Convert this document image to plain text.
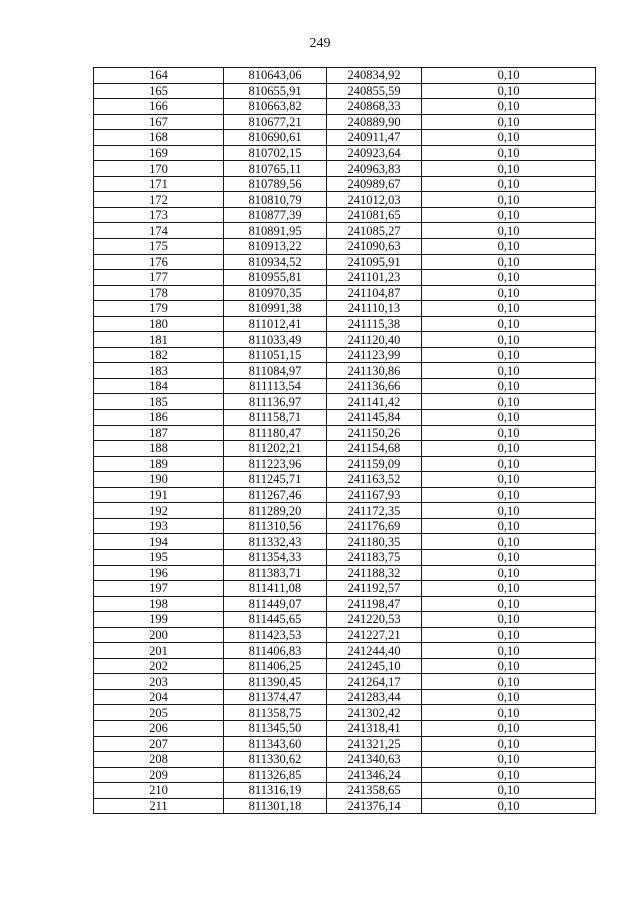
249
164	810643,06	240834,92	0,10
165	810655,91	240855,59	0,10
166	810663,82	240868,33	0,10
167	810677,21	240889,90	0,10
168	810690,61	240911,47	0,10
169	810702,15	240923,64	0,10
170	810765,11	240963,83	0,10
171	810789,56	240989,67	0,10
172	810810,79	241012,03	0,10
173	810877,39	241081,65	0,10
174	810891,95	241085,27	0,10
175	810913,22	241090,63	0,10
176	810934,52	241095,91	0,10
177	810955,81	241101,23	0,10
178	810970,35	241104,87	0,10
179	810991,38	241110,13	0,10
180	811012,41	241115,38	0,10
181	811033,49	241120,40	0,10
182	811051,15	241123,99	0,10
183	811084,97	241130,86	0,10
184	811113,54	241136,66	0,10
185	811136,97	241141,42	0,10
186	811158,71	241145,84	0,10
187	811180,47	241150,26	0,10
188	811202,21	241154,68	0,10
189	811223,96	241159,09	0,10
190	811245,71	241163,52	0,10
191	811267,46	241167,93	0,10
192	811289,20	241172,35	0,10
193	811310,56	241176,69	0,10
194	811332,43	241180,35	0,10
195	811354,33	241183,75	0,10
196	811383,71	241188,32	0,10
197	811411,08	241192,57	0,10
198	811449,07	241198,47	0,10
199	811445,65	241220,53	0,10
200	811423,53	241227,21	0,10
201	811406,83	241244,40	0,10
202	811406,25	241245,10	0,10
203	811390,45	241264,17	0,10
204	811374,47	241283,44	0,10
205	811358,75	241302,42	0,10
206	811345,50	241318,41	0,10
207	811343,60	241321,25	0,10
208	811330,62	241340,63	0,10
209	811326,85	241346,24	0,10
210	811316,19	241358,65	0,10
211	811301,18	241376,14	0,10
